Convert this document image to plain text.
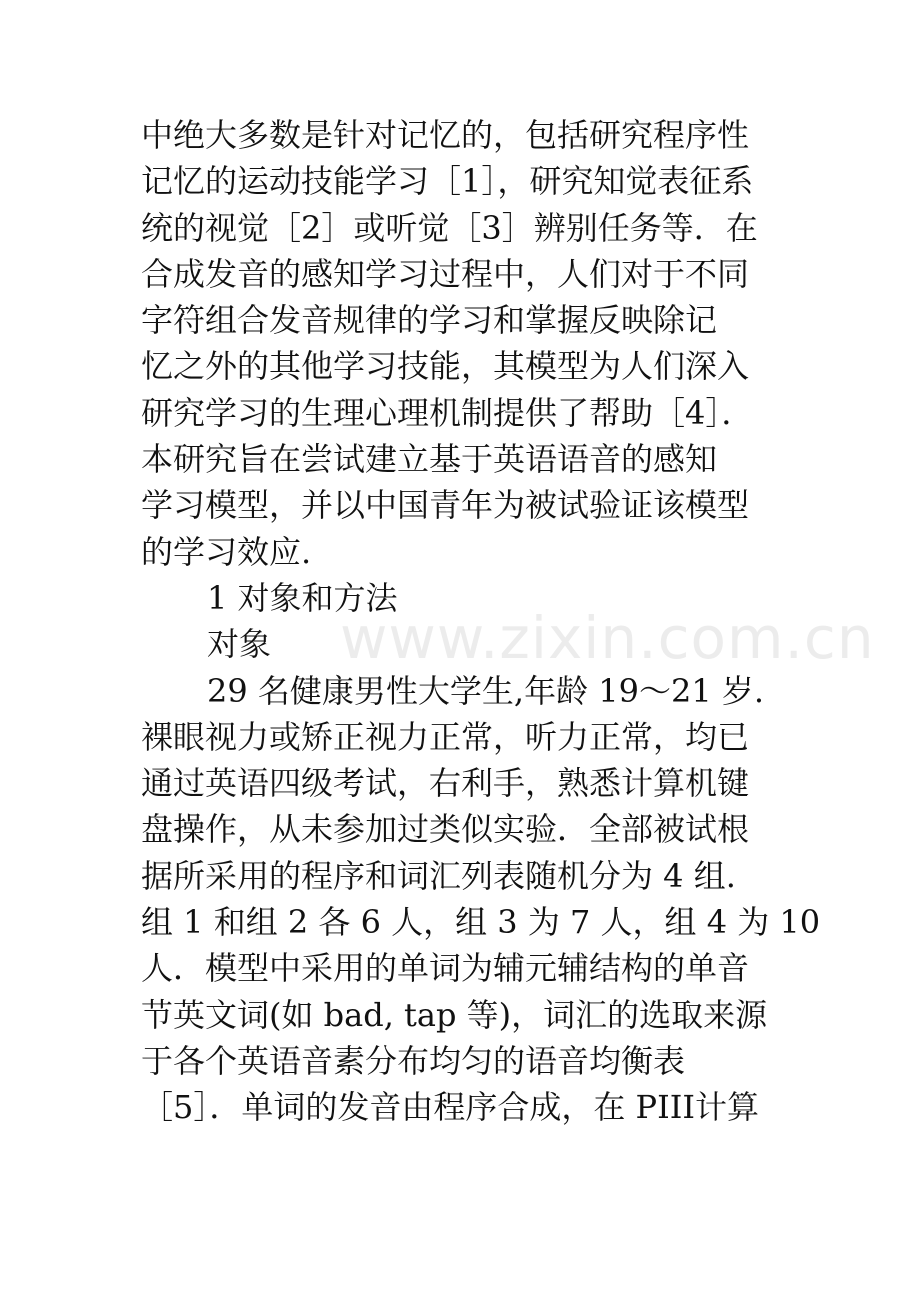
www.zixin.com.cn
中绝大多数是针对记忆的，包括研究程序性
记忆的运动技能学习［1］，研究知觉表征系
统的视觉［2］或听觉［3］辨别任务等．在
合成发音的感知学习过程中，人们对于不同
字符组合发音规律的学习和掌握反映除记
忆之外的其他学习技能，其模型为人们深入
研究学习的生理心理机制提供了帮助［4］．
本研究旨在尝试建立基于英语语音的感知
学习模型，并以中国青年为被试验证该模型
的学习效应.
1 对象和方法
对象
29 名健康男性大学生,年龄 19～21 岁.
裸眼视力或矫正视力正常，听力正常，均已
通过英语四级考试，右利手，熟悉计算机键
盘操作，从未参加过类似实验．全部被试根
据所采用的程序和词汇列表随机分为 4 组.
组 1 和组 2 各 6 人，组 3 为 7 人，组 4 为 10
人．模型中采用的单词为辅元辅结构的单音
节英文词(如 bad, tap 等)，词汇的选取来源
于各个英语音素分布均匀的语音均衡表
［5］．单词的发音由程序合成，在 PIII计算
